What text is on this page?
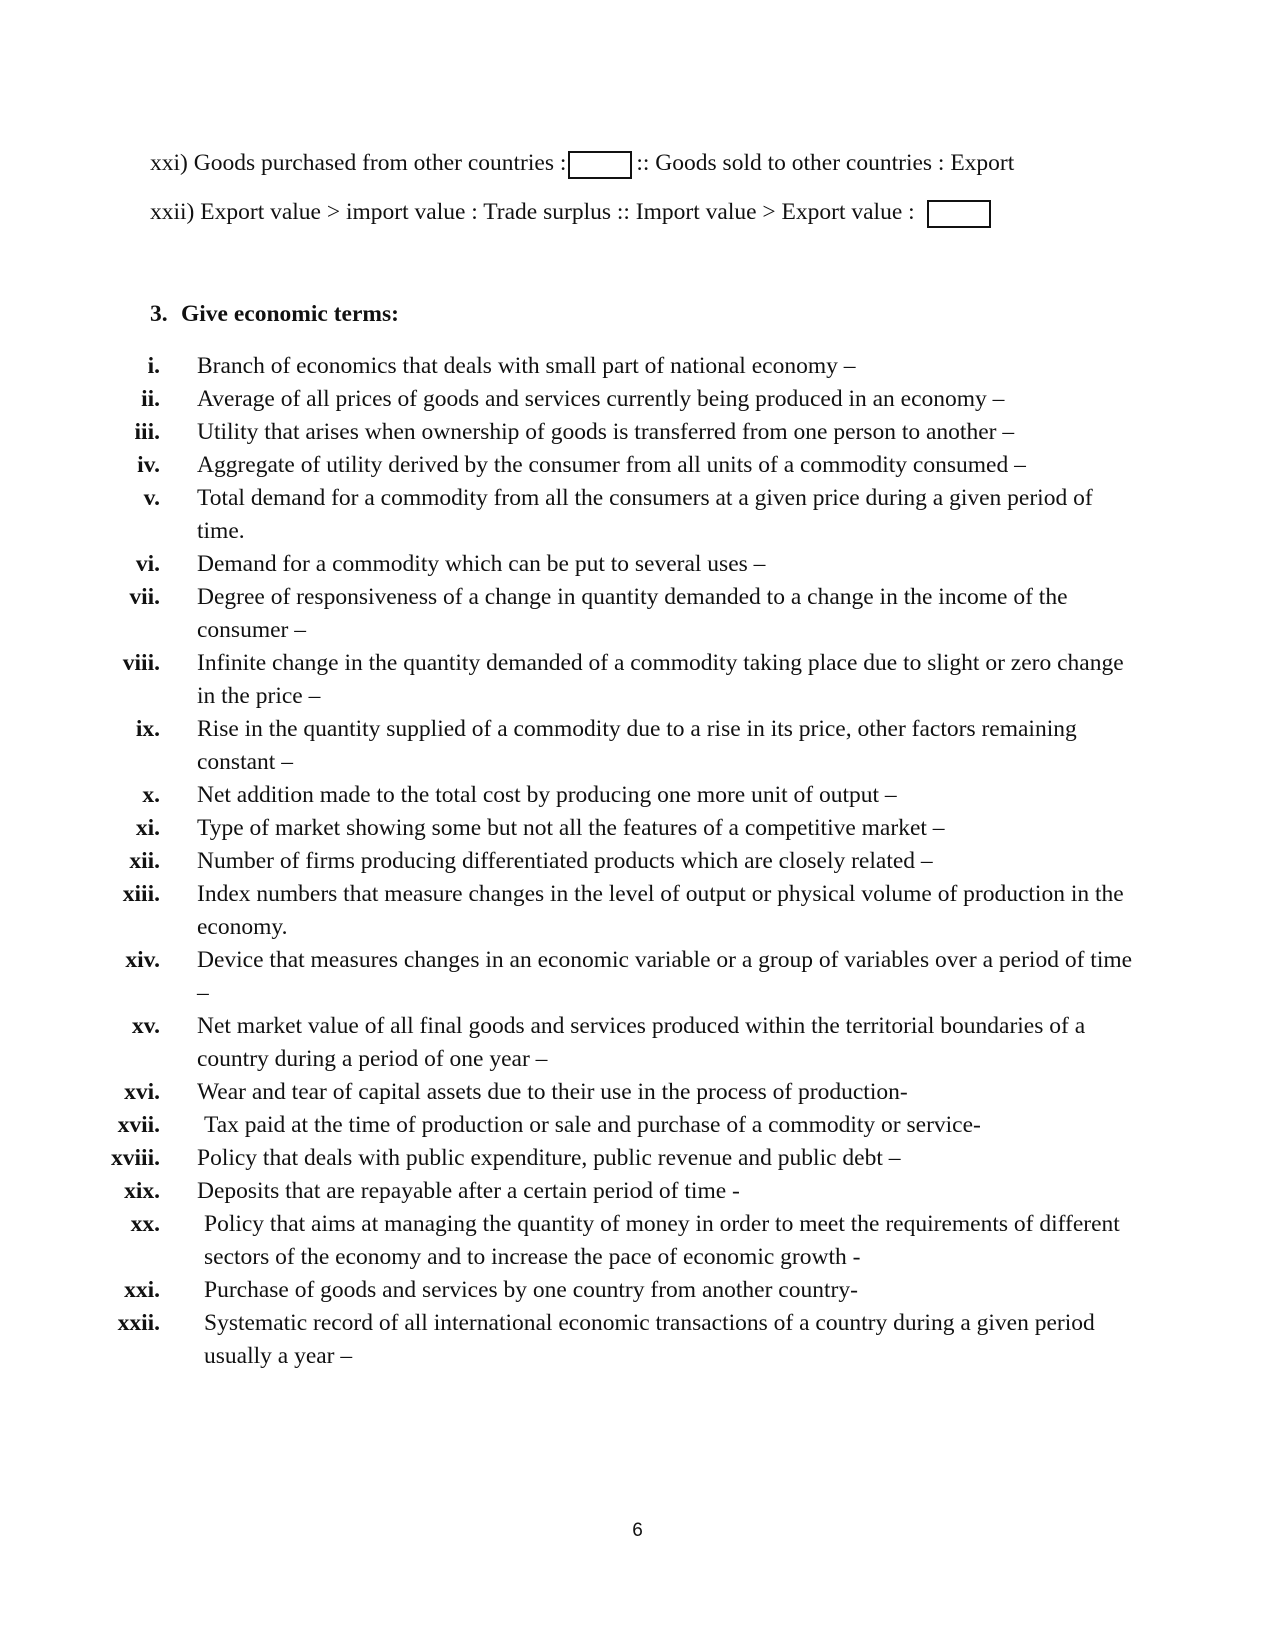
xxi) Goods purchased from other countries :	:: Goods sold to other countries : Export
xxii) Export value > import value : Trade surplus :: Import value > Export value :
3. Give economic terms:
i. Branch of economics that deals with small part of national economy –
ii. Average of all prices of goods and services currently being produced in an economy –
iii. Utility that arises when ownership of goods is transferred from one person to another –
iv. Aggregate of utility derived by the consumer from all units of a commodity consumed –
v. Total demand for a commodity from all the consumers at a given price during a given period of time.
vi. Demand for a commodity which can be put to several uses –
vii. Degree of responsiveness of a change in quantity demanded to a change in the income of the consumer –
viii. Infinite change in the quantity demanded of a commodity taking place due to slight or zero change in the price –
ix. Rise in the quantity supplied of a commodity due to a rise in its price, other factors remaining constant –
x. Net addition made to the total cost by producing one more unit of output –
xi. Type of market showing some but not all the features of a competitive market –
xii. Number of firms producing differentiated products which are closely related –
xiii. Index numbers that measure changes in the level of output or physical volume of production in the economy.
xiv. Device that measures changes in an economic variable or a group of variables over a period of time –
xv. Net market value of all final goods and services produced within the territorial boundaries of a country during a period of one year –
xvi. Wear and tear of capital assets due to their use in the process of production-
xvii. Tax paid at the time of production or sale and purchase of a commodity or service-
xviii. Policy that deals with public expenditure, public revenue and public debt –
xix. Deposits that are repayable after a certain period of time -
xx. Policy that aims at managing the quantity of money in order to meet the requirements of different sectors of the economy and to increase the pace of economic growth -
xxi. Purchase of goods and services by one country from another country-
xxii. Systematic record of all international economic transactions of a country during a given period usually a year –
6
